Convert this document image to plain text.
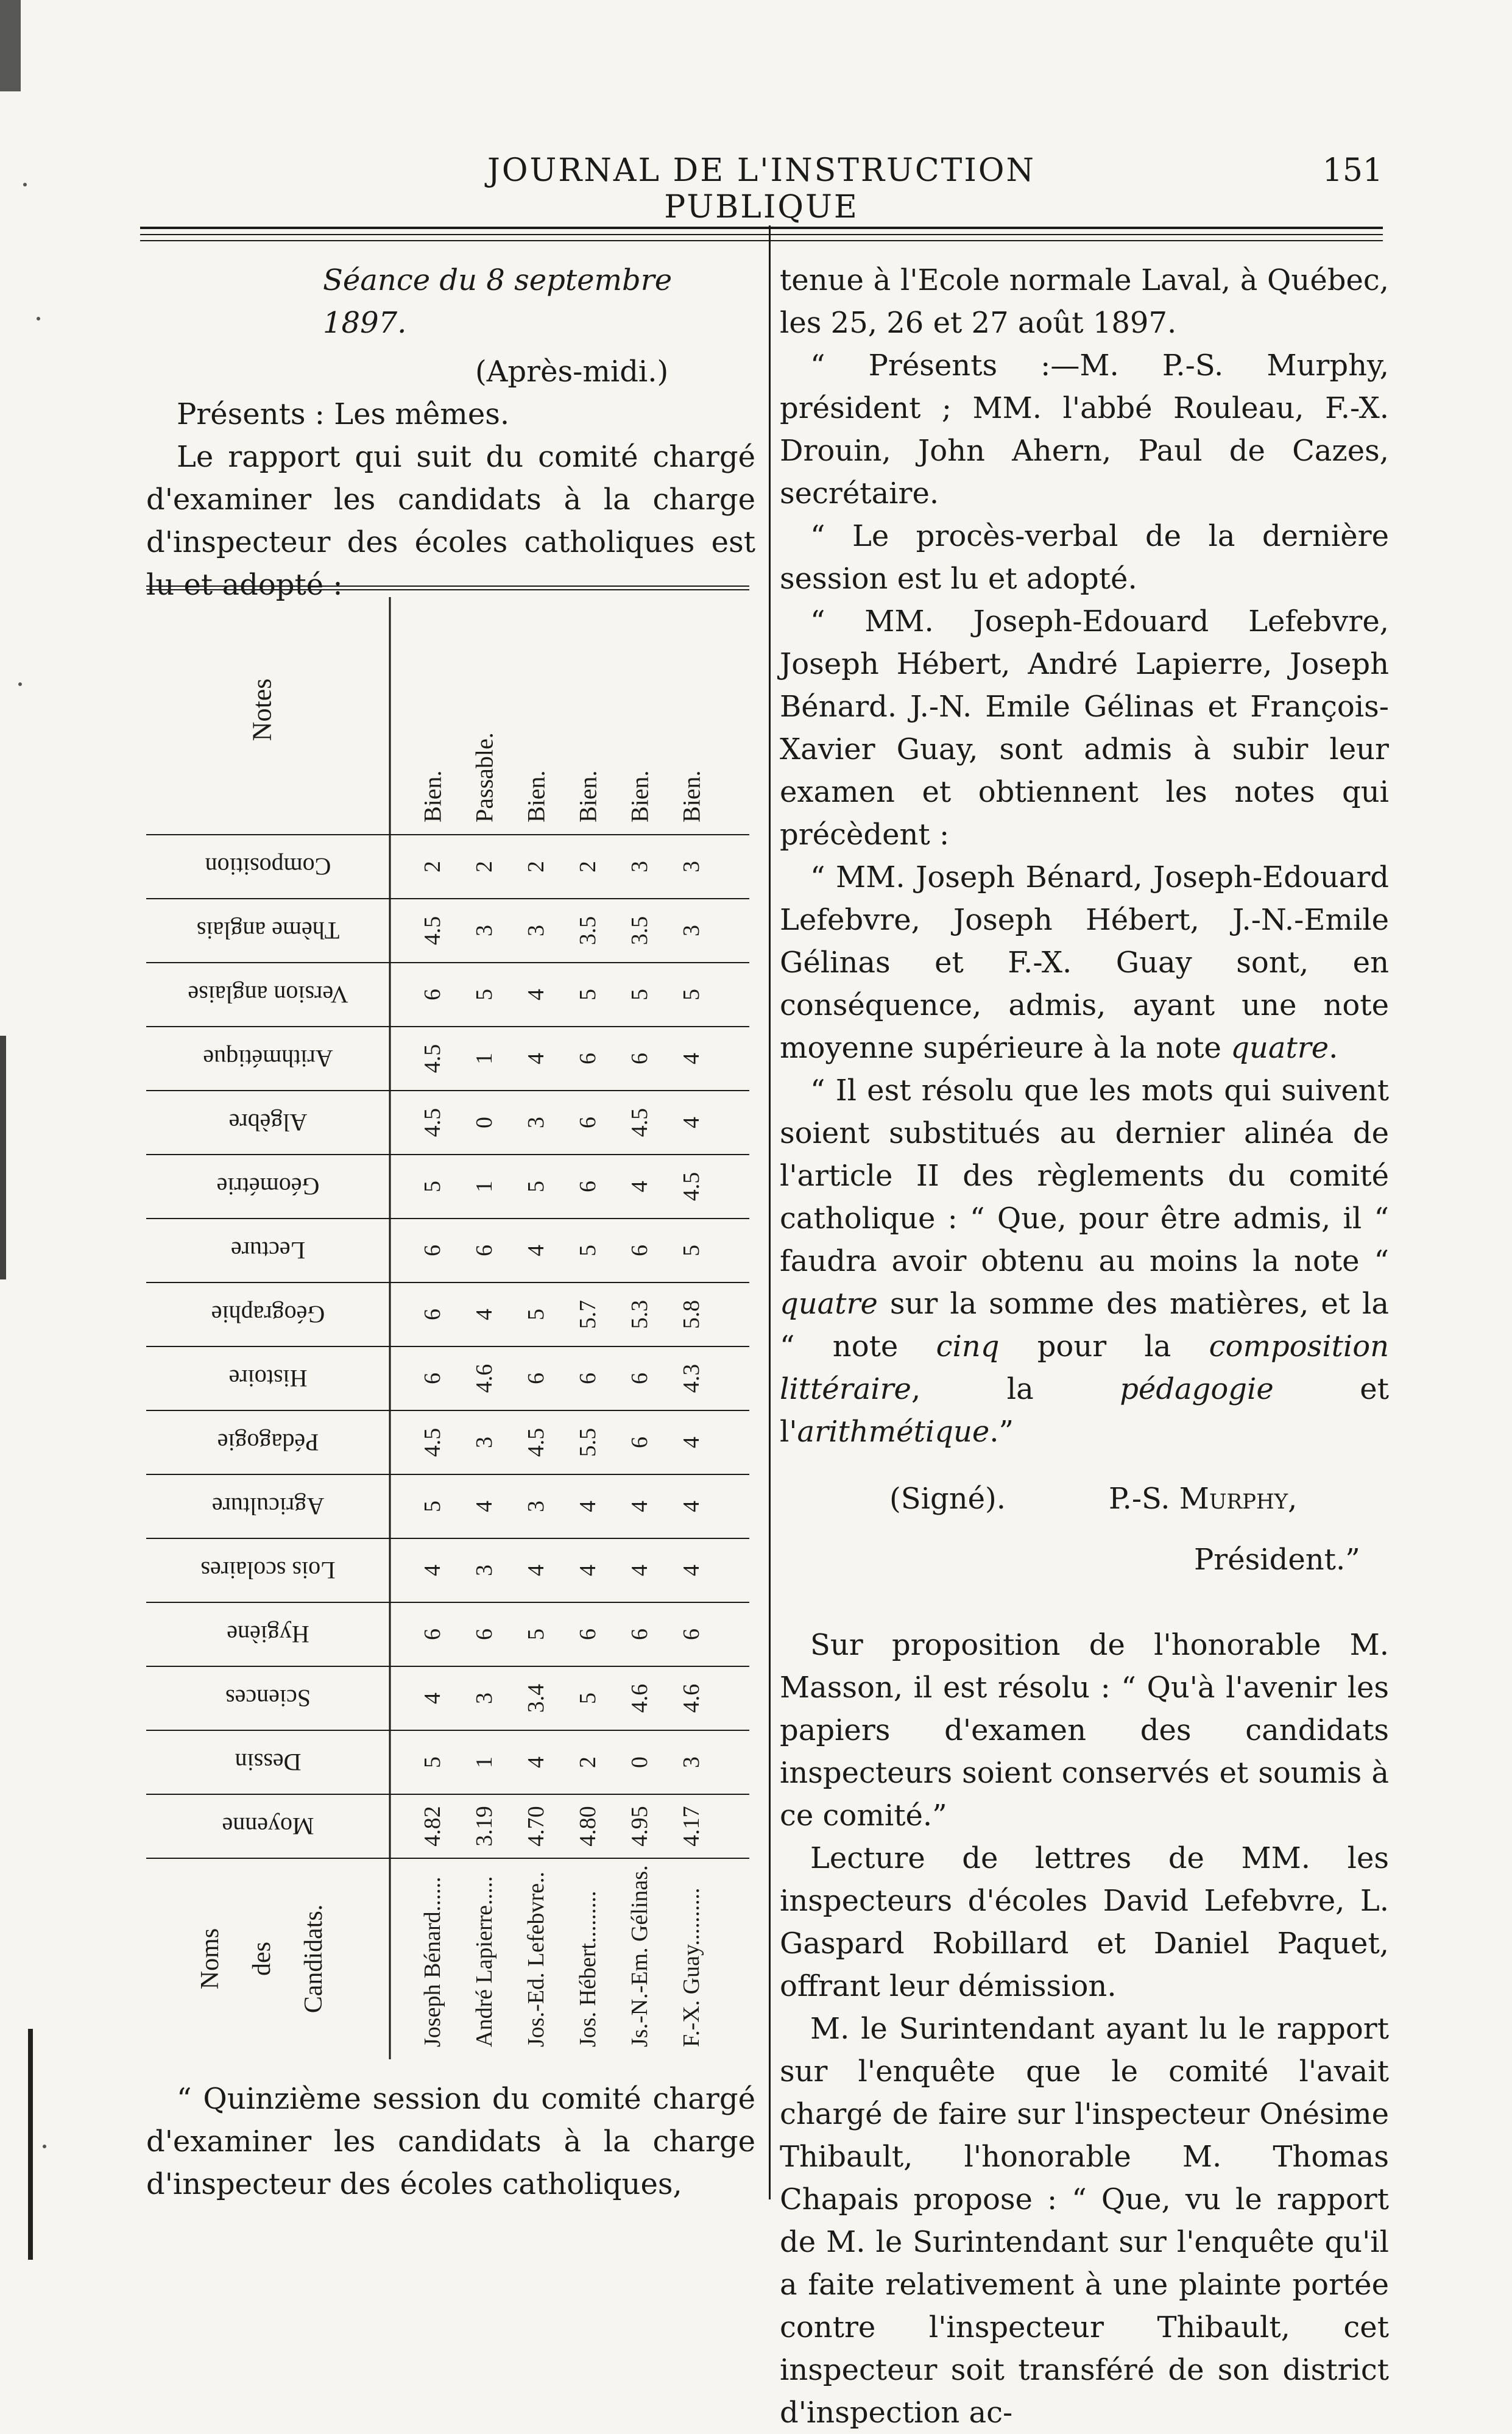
JOURNAL DE L'INSTRUCTION PUBLIQUE
151

Séance du 8 septembre 1897.

(Après-midi.)

Présents : Les mêmes.

Le rapport qui suit du comité chargé d'examiner les candidats à la charge d'inspecteur des écoles catholiques est lu et adopté :

Notes
Bien. Passable. Bien. Bien. Bien. Bien.
Composition	2 2 2 2 3 3
Thème anglais	4.5 3 3 3.5 3.5 3
Version anglaise	6 5 4 5 5 5
Arithmétique	4.5 1 4 6 6 4
Algèbre	4.5 0 3 6 4.5 4
Géométrie	5 1 5 6 4 4.5
Lecture	6 6 4 5 6 5
Géographie	6 4 5 5.7 5.3 5.8
Histoire	6 4.6 6 6 6 4.3
Pédagogie	4.5 3 4.5 5.5 6 4
Agriculture	5 4 3 4 4 4
Lois scolaires	4 3 4 4 4 4
Hygiène	6 6 5 6 6 6
Sciences	4 3 3.4 5 4.6 4.6
Dessin	5 1 4 2 0 3
Moyenne	4.82 3.19 4.70 4.80 4.95 4.17
Noms des Candidats.	Joseph Bénard...... André Lapierre..... Jos.-Ed. Lefebvre.. Jos. Hébert......... Js.-N.-Em. Gélinas. F.-X. Guay..........

“ Quinzième session du comité chargé d'examiner les candidats à la charge d'inspecteur des écoles catholiques,

tenue à l'Ecole normale Laval, à Québec, les 25, 26 et 27 août 1897.

“ Présents :—M. P.-S. Murphy, président ; MM. l'abbé Rouleau, F.-X. Drouin, John Ahern, Paul de Cazes, secrétaire.

“ Le procès-verbal de la dernière session est lu et adopté.

“ MM. Joseph-Edouard Lefebvre, Joseph Hébert, André Lapierre, Joseph Bénard. J.-N. Emile Gélinas et François-Xavier Guay, sont admis à subir leur examen et obtiennent les notes qui précèdent :

“ MM. Joseph Bénard, Joseph-Edouard Lefebvre, Joseph Hébert, J.-N.-Emile Gélinas et F.-X. Guay sont, en conséquence, admis, ayant une note moyenne supérieure à la note quatre.

“ Il est résolu que les mots qui suivent soient substitués au dernier alinéa de l'article II des règlements du comité catholique : “ Que, pour être admis, il “ faudra avoir obtenu au moins la note “ quatre sur la somme des matières, et la “ note cinq pour la composition littéraire, la pédagogie et l'arithmétique.”

(Signé).	P.-S. Murphy,
Président.”

Sur proposition de l'honorable M. Masson, il est résolu : “ Qu'à l'avenir les papiers d'examen des candidats inspecteurs soient conservés et soumis à ce comité.”

Lecture de lettres de MM. les inspecteurs d'écoles David Lefebvre, L. Gaspard Robillard et Daniel Paquet, offrant leur démission.

M. le Surintendant ayant lu le rapport sur l'enquête que le comité l'avait chargé de faire sur l'inspecteur Onésime Thibault, l'honorable M. Thomas Chapais propose : “ Que, vu le rapport de M. le Surintendant sur l'enquête qu'il a faite relativement à une plainte portée contre l'inspecteur Thibault, cet inspecteur soit transféré de son district d'inspection ac-
